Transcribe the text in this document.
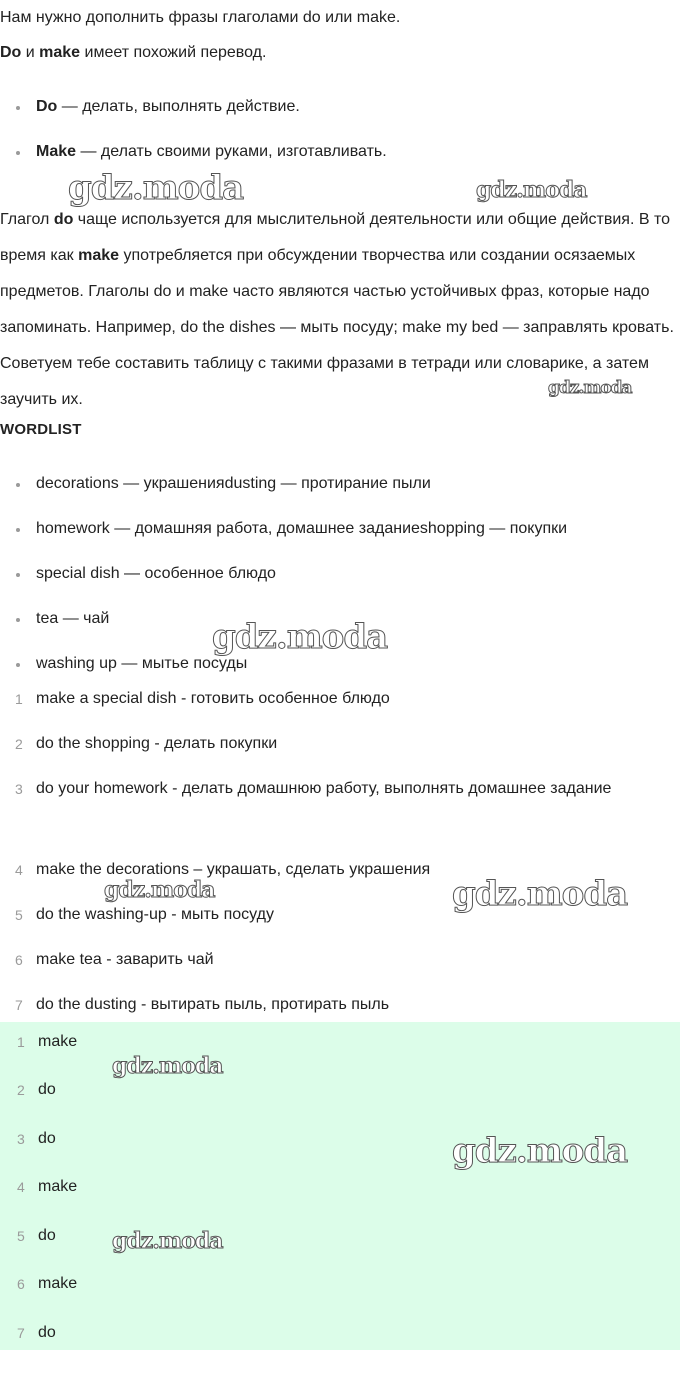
Нам нужно дополнить фразы глаголами do или make.

Do и make имеет похожий перевод.

Do — делать, выполнять действие.
Make — делать своими руками, изготавливать.

Глагол do чаще используется для мыслительной деятельности или общие действия. В то время как make употребляется при обсуждении творчества или создании осязаемых предметов. Глаголы do и make часто являются частью устойчивых фраз, которые надо запоминать. Например, do the dishes — мыть посуду; make my bed — заправлять кровать. Советуем тебе составить таблицу с такими фразами в тетради или словарике, а затем заучить их.

WORDLIST

decorations — украшенияdusting — протирание пыли
homework — домашняя работа, домашнее заданиеshopping — покупки
special dish — особенное блюдо
tea — чай
washing up — мытье посуды
1 make a special dish - готовить особенное блюдо
2 do the shopping - делать покупки
3 do your homework - делать домашнюю работу, выполнять домашнее задание
4 make the decorations – украшать, сделать украшения
5 do the washing-up - мыть посуду
6 make tea - заварить чай
7 do the dusting - вытирать пыль, протирать пыль
1 make
2 do
3 do
4 make
5 do
6 make
7 do
gdz.moda	gdz.moda
gdz.moda
gdz.moda
gdz.moda	gdz.moda
gdz.moda
gdz.moda
gdz.moda
